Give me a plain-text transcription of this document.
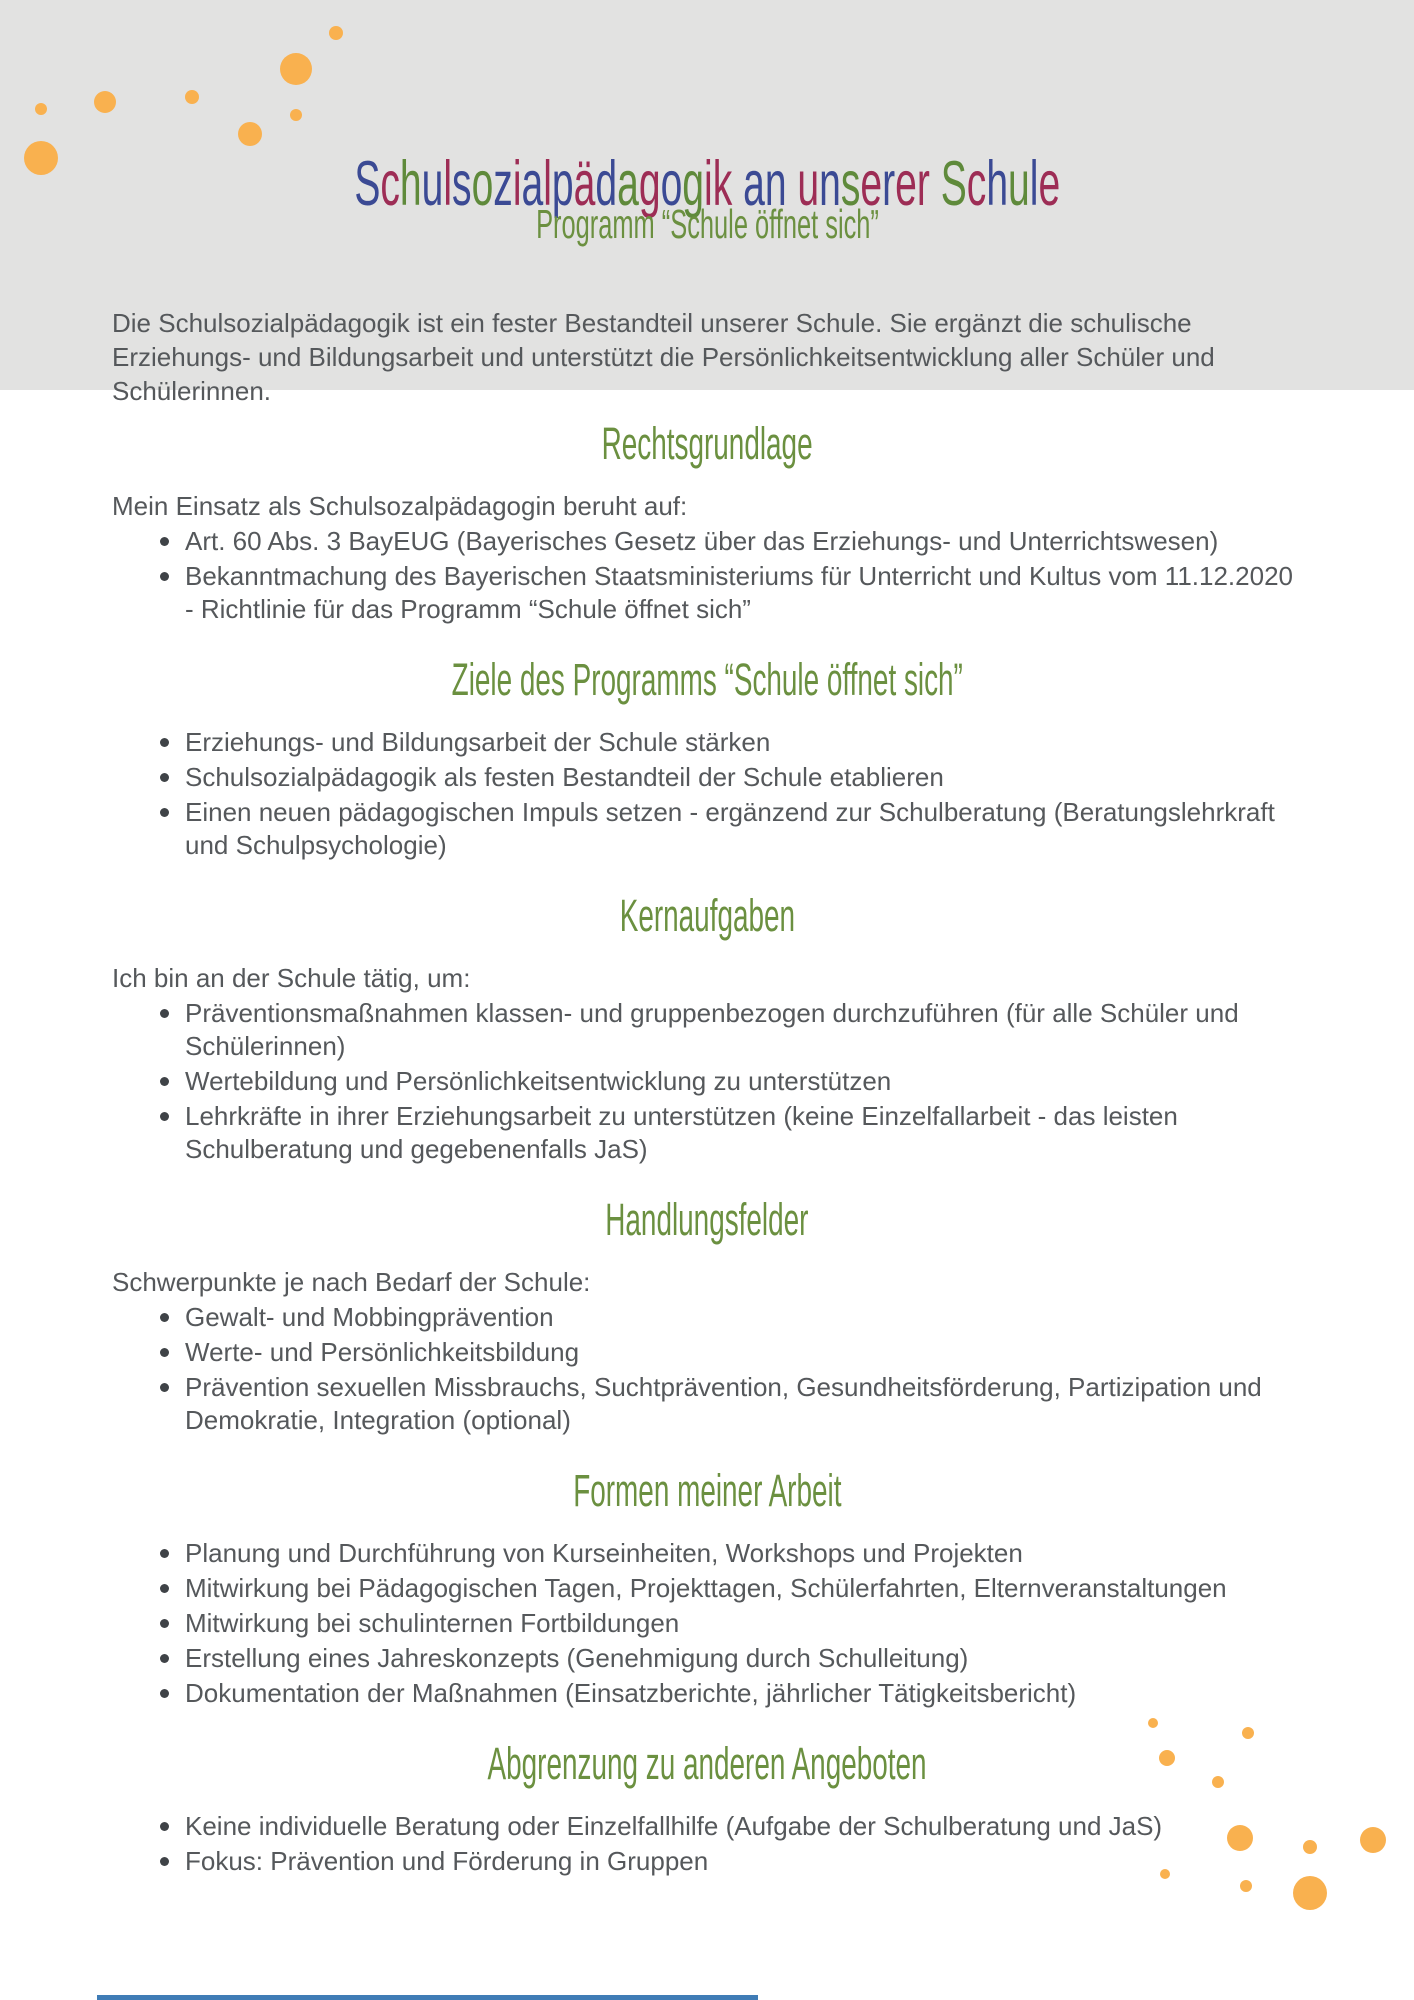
Schulsozialpädagogik an unserer Schule
Programm “Schule öffnet sich”

Die Schulsozialpädagogik ist ein fester Bestandteil unserer Schule. Sie ergänzt die schulische Erziehungs- und Bildungsarbeit und unterstützt die Persönlichkeitsentwicklung aller Schüler und Schülerinnen.

Rechtsgrundlage

Mein Einsatz als Schulsozalpädagogin beruht auf:

Art. 60 Abs. 3 BayEUG (Bayerisches Gesetz über das Erziehungs- und Unterrichtswesen)
Bekanntmachung des Bayerischen Staatsministeriums für Unterricht und Kultus vom 11.12.2020 - Richtlinie für das Programm “Schule öffnet sich”
Ziele des Programms “Schule öffnet sich”
Erziehungs- und Bildungsarbeit der Schule stärken
Schulsozialpädagogik als festen Bestandteil der Schule etablieren
Einen neuen pädagogischen Impuls setzen - ergänzend zur Schulberatung (Beratungslehrkraft und Schulpsychologie)
Kernaufgaben

Ich bin an der Schule tätig, um:

Präventionsmaßnahmen klassen- und gruppenbezogen durchzuführen (für alle Schüler und Schülerinnen)
Wertebildung und Persönlichkeitsentwicklung zu unterstützen
Lehrkräfte in ihrer Erziehungsarbeit zu unterstützen (keine Einzelfallarbeit - das leisten Schulberatung und gegebenenfalls JaS)
Handlungsfelder

Schwerpunkte je nach Bedarf der Schule:

Gewalt- und Mobbingprävention
Werte- und Persönlichkeitsbildung
Prävention sexuellen Missbrauchs, Suchtprävention, Gesundheitsförderung, Partizipation und Demokratie, Integration (optional)
Formen meiner Arbeit
Planung und Durchführung von Kurseinheiten, Workshops und Projekten
Mitwirkung bei Pädagogischen Tagen, Projekttagen, Schülerfahrten, Elternveranstaltungen
Mitwirkung bei schulinternen Fortbildungen
Erstellung eines Jahreskonzepts (Genehmigung durch Schulleitung)
Dokumentation der Maßnahmen (Einsatzberichte, jährlicher Tätigkeitsbericht)
Abgrenzung zu anderen Angeboten
Keine individuelle Beratung oder Einzelfallhilfe (Aufgabe der Schulberatung und JaS)
Fokus: Prävention und Förderung in Gruppen
